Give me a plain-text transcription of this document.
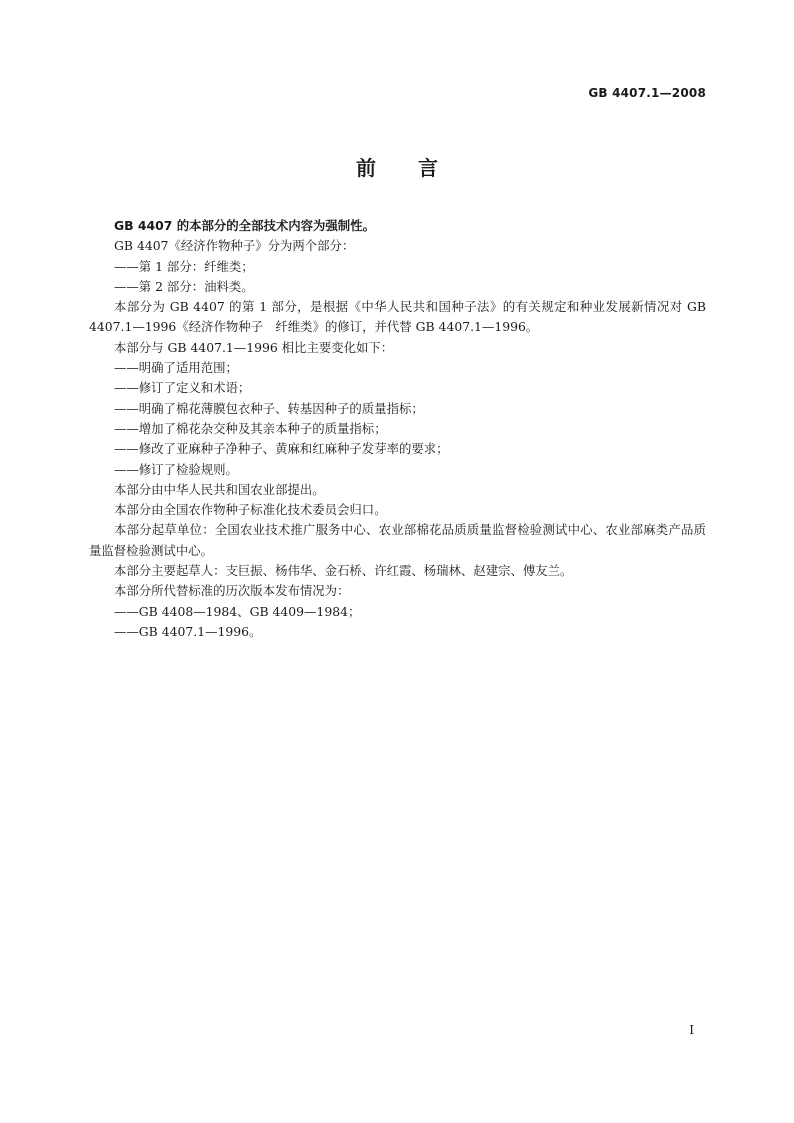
GB 4407.1—2008
前言

GB 4407 的本部分的全部技术内容为强制性。

GB 4407《经济作物种子》分为两个部分：

——第 1 部分：纤维类；

——第 2 部分：油料类。

本部分为 GB 4407 的第 1 部分，是根据《中华人民共和国种子法》的有关规定和种业发展新情况对 GB 4407.1—1996《经济作物种子　纤维类》的修订，并代替 GB 4407.1—1996。

本部分与 GB 4407.1—1996 相比主要变化如下：

——明确了适用范围；

——修订了定义和术语；

——明确了棉花薄膜包衣种子、转基因种子的质量指标；

——增加了棉花杂交种及其亲本种子的质量指标；

——修改了亚麻种子净种子、黄麻和红麻种子发芽率的要求；

——修订了检验规则。

本部分由中华人民共和国农业部提出。

本部分由全国农作物种子标准化技术委员会归口。

本部分起草单位：全国农业技术推广服务中心、农业部棉花品质质量监督检验测试中心、农业部麻类产品质量监督检验测试中心。

本部分主要起草人：支巨振、杨伟华、金石桥、许红霞、杨瑞林、赵建宗、傅友兰。

本部分所代替标准的历次版本发布情况为：

——GB 4408—1984、GB 4409—1984；

——GB 4407.1—1996。

I
